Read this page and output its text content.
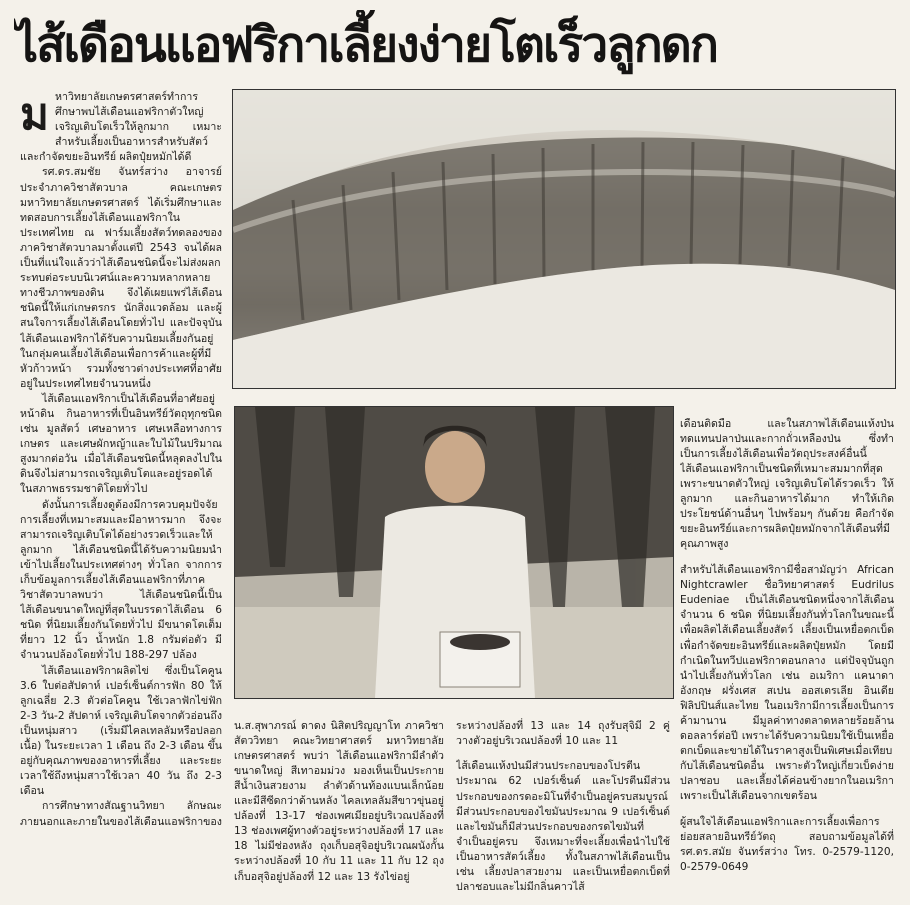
ไส้เดือนแอฟริกาเลี้ยงง่ายโตเร็วลูกดก
ม หาวิทยาลัยเกษตรศาสตร์ทำการศึกษาพบไส้เดือนแอฟริกาตัวใหญ่ เจริญเติบโตเร็วให้ลูกมาก เหมาะสำหรับเลี้ยงเป็นอาหารสำหรับสัตว์และกำจัดขยะอินทรีย์ ผลิตปุ๋ยหมักได้ดี

รศ.ดร.สมชัย จันทร์สว่าง อาจารย์ประจำภาควิชาสัตวบาล คณะเกษตร มหาวิทยาลัยเกษตรศาสตร์ ได้เริ่มศึกษาและทดสอบการเลี้ยงไส้เดือนแอฟริกาในประเทศไทย ณ ฟาร์มเลี้ยงสัตว์ทดลองของภาควิชาสัตวบาลมาตั้งแต่ปี 2543 จนได้ผลเป็นที่แน่ใจแล้วว่าไส้เดือนชนิดนี้จะไม่ส่งผลกระทบต่อระบบนิเวศน์และความหลากหลายทางชีวภาพของดิน จึงได้เผยแพร่ไส้เดือนชนิดนี้ให้แก่เกษตรกร นักสิ่งแวดล้อม และผู้สนใจการเลี้ยงไส้เดือนโดยทั่วไป และปัจจุบันไส้เดือนแอฟริกาได้รับความนิยมเลี้ยงกันอยู่ในกลุ่มคนเลี้ยงไส้เดือนเพื่อการค้าและผู้ที่มีหัวก้าวหน้า รวมทั้งชาวต่างประเทศที่อาศัยอยู่ในประเทศไทยจำนวนหนึ่ง

ไส้เดือนแอฟริกาเป็นไส้เดือนที่อาศัยอยู่หน้าดิน กินอาหารที่เป็นอินทรีย์วัตถุทุกชนิด เช่น มูลสัตว์ เศษอาหาร เศษเหลือทางการเกษตร และเศษผักหญ้าและใบไม้ในปริมาณสูงมากต่อวัน เมื่อไส้เดือนชนิดนี้หลุดลงไปในดินจึงไม่สามารถเจริญเติบโตและอยู่รอดได้ในสภาพธรรมชาติโดยทั่วไป

ดังนั้นการเลี้ยงดูต้องมีการควบคุมปัจจัยการเลี้ยงที่เหมาะสมและมีอาหารมาก จึงจะสามารถเจริญเติบโตได้อย่างรวดเร็วและให้ลูกมาก ไส้เดือนชนิดนี้ได้รับความนิยมนำเข้าไปเลี้ยงในประเทศต่างๆ ทั่วโลก จากการเก็บข้อมูลการเลี้ยงไส้เดือนแอฟริกาที่ภาควิชาสัตวบาลพบว่า ไส้เดือนชนิดนี้เป็นไส้เดือนขนาดใหญ่ที่สุดในบรรดาไส้เดือน 6 ชนิด ที่นิยมเลี้ยงกันโดยทั่วไป มีขนาดโตเต็มที่ยาว 12 นิ้ว น้ำหนัก 1.8 กรัมต่อตัว มีจำนวนปล้องโดยทั่วไป 188-297 ปล้อง

ไส้เดือนแอฟริกาผลิตไข่ ซึ่งเป็นโคคูน 3.6 ใบต่อสัปดาห์ เปอร์เซ็นต์การฟัก 80 ให้ลูกเฉลี่ย 2.3 ตัวต่อโคคูน ใช้เวลาฟักไข่ฟัก 2-3 วัน-2 สัปดาห์ เจริญเติบโตจากตัวอ่อนถึงเป็นหนุ่มสาว (เริ่มมีไคลเทลลัมหรือปลอกเนื้อ) ในระยะเวลา 1 เดือน ถึง 2-3 เดือน ขึ้นอยู่กับคุณภาพของอาหารที่เลี้ยง และระยะเวลาใช้ถึงหนุ่มสาวใช้เวลา 40 วัน ถึง 2-3 เดือน

การศึกษาทางสัณฐานวิทยา ลักษณะภายนอกและภายในของไส้เดือนแอฟริกาของ

น.ส.สุพาภรณ์ ดาดง นิสิตปริญญาโท ภาควิชาสัตววิทยา คณะวิทยาศาสตร์ มหาวิทยาลัยเกษตรศาสตร์ พบว่า ไส้เดือนแอฟริกามีลำตัวขนาดใหญ่ สีเทาอมม่วง มองเห็นเป็นประกายสีน้ำเงินสวยงาม ลำตัวด้านท้องแบนเล็กน้อยและมีสีซีดกว่าด้านหลัง ไคลเทลลัมสีขาวขุ่นอยู่ปล้องที่ 13-17 ช่องเพศเมียอยู่บริเวณปล้องที่ 13 ช่องเพศผู้ทางตัวอยู่ระหว่างปล้องที่ 17 และ 18 ไม่มีช่องหลัง ถุงเก็บอสุจิอยู่บริเวณผนังกั้นระหว่างปล้องที่ 10 กับ 11 และ 11 กับ 12 ถุงเก็บอสุจิอยู่ปล้องที่ 12 และ 13 รังไข่อยู่

ระหว่างปล้องที่ 13 และ 14 ถุงรับสุจิมี 2 คู่ วางตัวอยู่บริเวณปล้องที่ 10 และ 11

ไส้เดือนแห้งป่นมีส่วนประกอบของโปรตีนประมาณ 62 เปอร์เซ็นต์ และโปรตีนมีส่วนประกอบของกรดอะมิโนที่จำเป็นอยู่ครบสมบูรณ์ มีส่วนประกอบของไขมันประมาณ 9 เปอร์เซ็นต์ และไขมันก็มีส่วนประกอบของกรดไขมันที่จำเป็นอยู่ครบ จึงเหมาะที่จะเลี้ยงเพื่อนำไปใช้เป็นอาหารสัตว์เลี้ยง ทั้งในสภาพไส้เดือนเป็น เช่น เลี้ยงปลาสวยงาม และเป็นเหยื่อตกเบ็ดที่ปลาชอบและไม่มีกลิ่นคาวไส้

เดือนติดมือ และในสภาพไส้เดือนแห้งป่นทดแทนปลาป่นและกากถั่วเหลืองป่น ซึ่งทำเป็นการเลี้ยงไส้เดือนเพื่อวัตถุประสงค์อื่นนี้ ไส้เดือนแอฟริกาเป็นชนิดที่เหมาะสมมากที่สุด เพราะขนาดตัวใหญ่ เจริญเติบโตได้รวดเร็ว ให้ลูกมาก และกินอาหารได้มาก ทำให้เกิดประโยชน์ด้านอื่นๆ ไปพร้อมๆ กันด้วย คือกำจัดขยะอินทรีย์และการผลิตปุ๋ยหมักจากไส้เดือนที่มีคุณภาพสูง

สำหรับไส้เดือนแอฟริกามีชื่อสามัญว่า African Nightcrawler ชื่อวิทยาศาสตร์ Eudrilus Eudeniae เป็นไส้เดือนชนิดหนึ่งจากไส้เดือนจำนวน 6 ชนิด ที่นิยมเลี้ยงกันทั่วโลกในขณะนี้ เพื่อผลิตไส้เดือนเลี้ยงสัตว์ เลี้ยงเป็นเหยื่อตกเบ็ด เพื่อกำจัดขยะอินทรีย์และผลิตปุ๋ยหมัก โดยมีกำเนิดในทวีปแอฟริกาตอนกลาง แต่ปัจจุบันถูกนำไปเลี้ยงกันทั่วโลก เช่น อเมริกา แคนาดา อังกฤษ ฝรั่งเศส สเปน ออสเตรเลีย อินเดีย ฟิลิปปินส์และไทย ในอเมริกามีการเลี้ยงเป็นการค้ามานาน มีมูลค่าทางตลาดหลายร้อยล้านดอลลาร์ต่อปี เพราะได้รับความนิยมใช้เป็นเหยื่อตกเบ็ดและขายได้ในราคาสูงเป็นพิเศษเมื่อเทียบกับไส้เดือนชนิดอื่น เพราะตัวใหญ่เกี่ยวเบ็ดง่าย ปลาชอบ และเลี้ยงได้ค่อนข้างยากในอเมริกา เพราะเป็นไส้เดือนจากเขตร้อน

ผู้สนใจไส้เดือนแอฟริกาและการเลี้ยงเพื่อการย่อยสลายอินทรีย์วัตถุ สอบถามข้อมูลได้ที่ รศ.ดร.สมัย จันทร์สว่าง โทร. 0-2579-1120, 0-2579-0649
